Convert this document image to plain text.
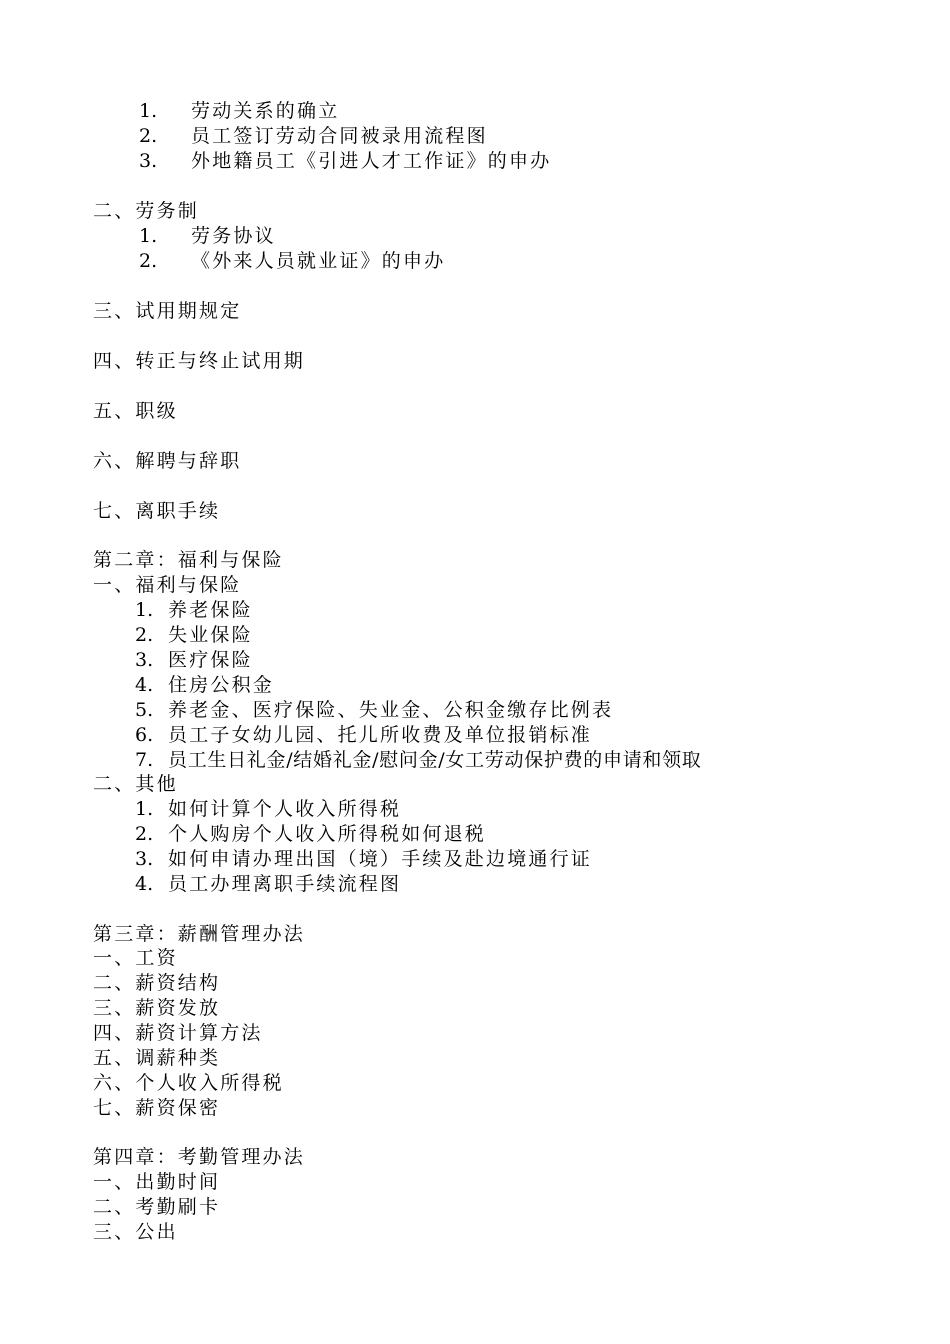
1. 劳动关系的确立
2. 员工签订劳动合同被录用流程图
3. 外地籍员工《引进人才工作证》的申办
二、劳务制
1. 劳务协议
2. 《外来人员就业证》的申办
三、试用期规定
四、转正与终止试用期
五、职级
六、解聘与辞职
七、离职手续
第二章：福利与保险
一、福利与保险
1. 养老保险
2. 失业保险
3. 医疗保险
4. 住房公积金
5. 养老金、医疗保险、失业金、公积金缴存比例表
6. 员工子女幼儿园、托儿所收费及单位报销标准
7. 员工生日礼金/结婚礼金/慰问金/女工劳动保护费的申请和领取
二、其他
1. 如何计算个人收入所得税
2. 个人购房个人收入所得税如何退税
3. 如何申请办理出国（境）手续及赴边境通行证
4. 员工办理离职手续流程图
第三章：薪酬管理办法
一、工资
二、薪资结构
三、薪资发放
四、薪资计算方法
五、调薪种类
六、个人收入所得税
七、薪资保密
第四章：考勤管理办法
一、出勤时间
二、考勤刷卡
三、公出
